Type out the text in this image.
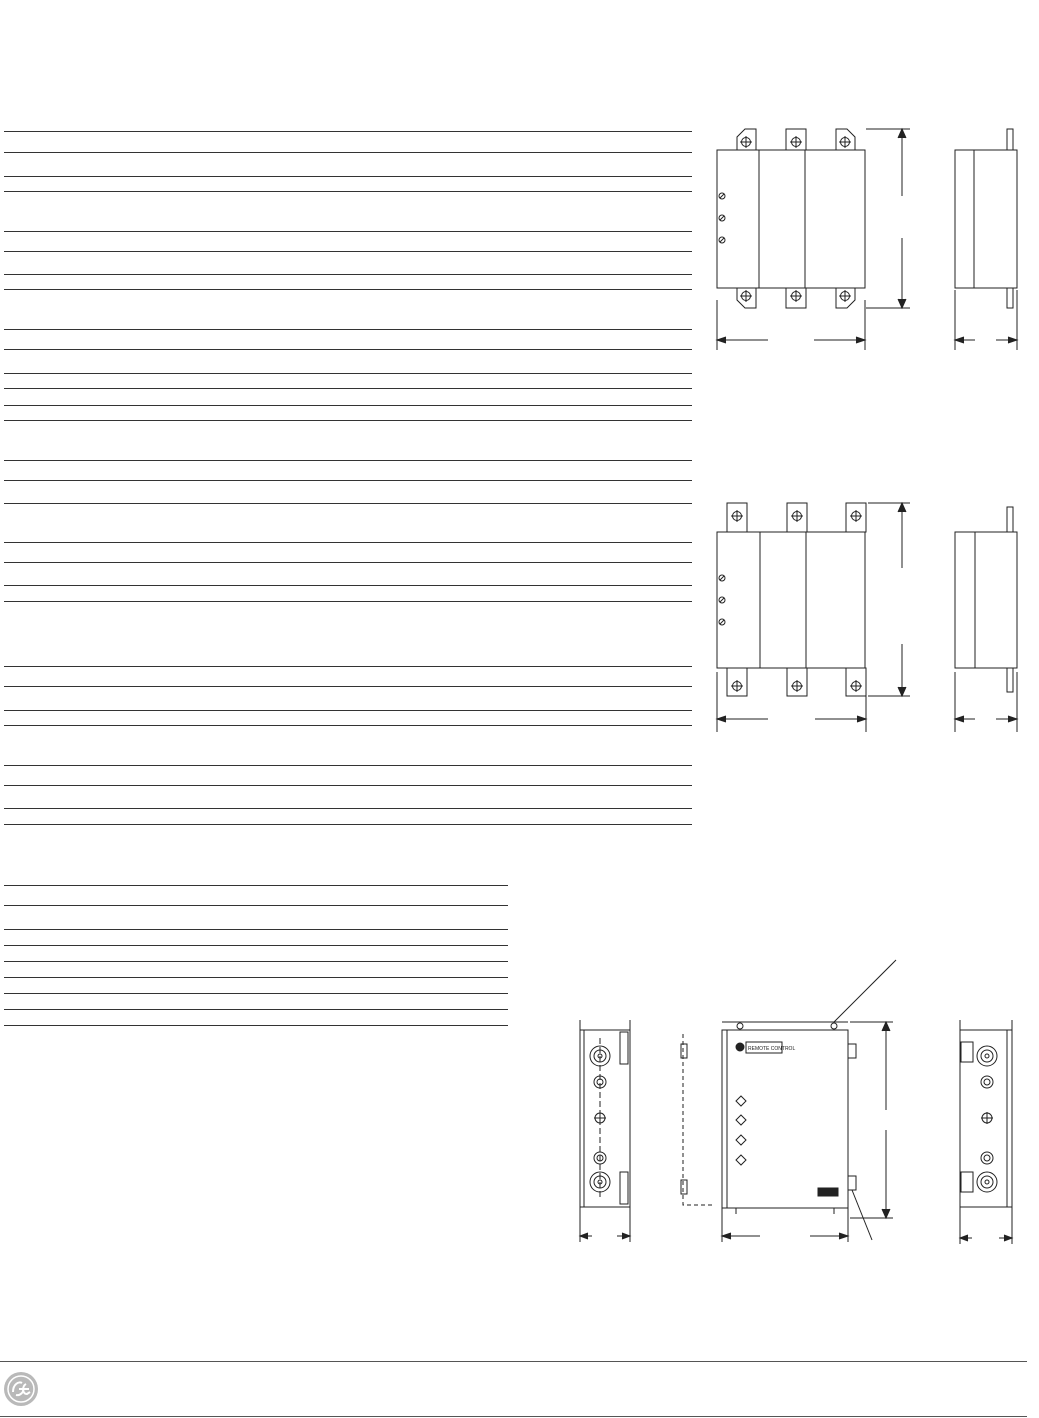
REMOTE CONTROL
